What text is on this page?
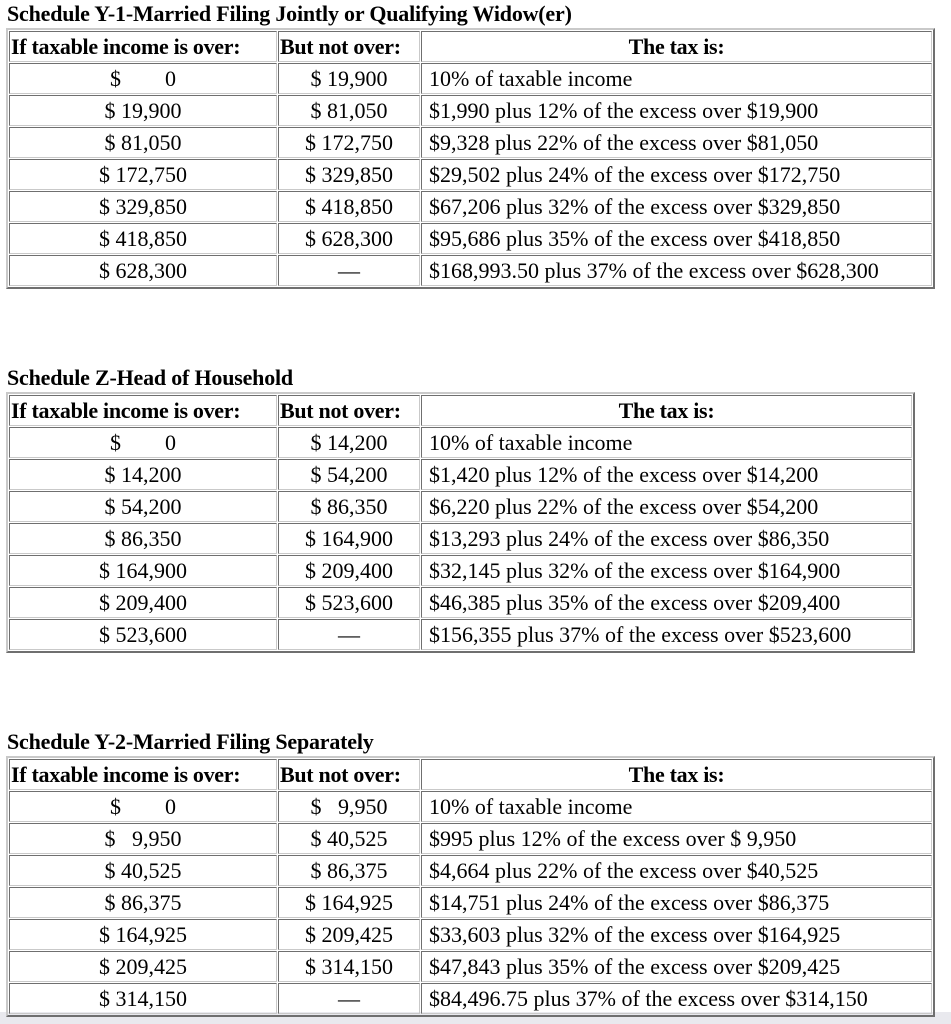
Schedule Y-1-Married Filing Jointly or Qualifying Widow(er)
If taxable income is over:	But not over:	The tax is:
$        0	$ 19,900	10% of taxable income
$ 19,900	$ 81,050	$1,990 plus 12% of the excess over $19,900
$ 81,050	$ 172,750	$9,328 plus 22% of the excess over $81,050
$ 172,750	$ 329,850	$29,502 plus 24% of the excess over $172,750
$ 329,850	$ 418,850	$67,206 plus 32% of the excess over $329,850
$ 418,850	$ 628,300	$95,686 plus 35% of the excess over $418,850
$ 628,300	—	$168,993.50 plus 37% of the excess over $628,300
Schedule Z-Head of Household
If taxable income is over:	But not over:	The tax is:
$        0	$ 14,200	10% of taxable income
$ 14,200	$ 54,200	$1,420 plus 12% of the excess over $14,200
$ 54,200	$ 86,350	$6,220 plus 22% of the excess over $54,200
$ 86,350	$ 164,900	$13,293 plus 24% of the excess over $86,350
$ 164,900	$ 209,400	$32,145 plus 32% of the excess over $164,900
$ 209,400	$ 523,600	$46,385 plus 35% of the excess over $209,400
$ 523,600	—	$156,355 plus 37% of the excess over $523,600
Schedule Y-2-Married Filing Separately
If taxable income is over:	But not over:	The tax is:
$        0	$   9,950	10% of taxable income
$   9,950	$ 40,525	$995 plus 12% of the excess over $ 9,950
$ 40,525	$ 86,375	$4,664 plus 22% of the excess over $40,525
$ 86,375	$ 164,925	$14,751 plus 24% of the excess over $86,375
$ 164,925	$ 209,425	$33,603 plus 32% of the excess over $164,925
$ 209,425	$ 314,150	$47,843 plus 35% of the excess over $209,425
$ 314,150	—	$84,496.75 plus 37% of the excess over $314,150
